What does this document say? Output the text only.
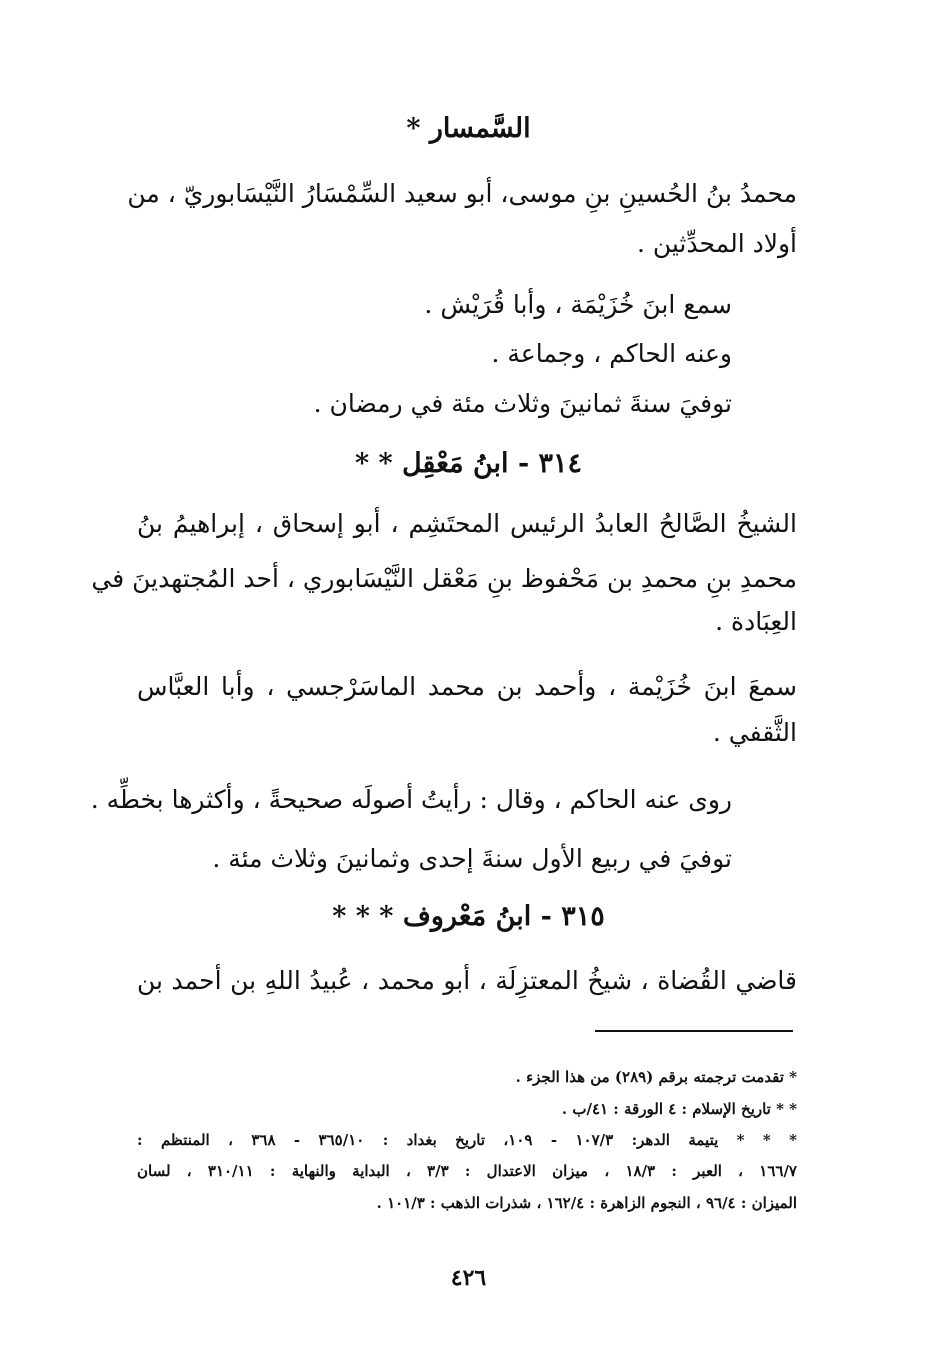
السَّمسار *
محمدُ بنُ الحُسينِ بنِ موسى، أبو سعيد السِّمْسَارُ النَّيْسَابوريّ ، من
أولاد المحدِّثين .
سمع ابنَ خُزَيْمَة ، وأبا قُرَيْش .
وعنه الحاكم ، وجماعة .
توفيَ سنةَ ثمانينَ وثلاث مئة في رمضان .
٣١٤ - ابنُ مَعْقِل * *
الشيخُ الصَّالحُ العابدُ الرئيس المحتَشِم ، أبو إسحاق ، إبراهيمُ بنُ
محمدِ بنِ محمدِ بن مَحْفوظ بنِ مَعْقل النَّيْسَابوري ، أحد المُجتهدينَ في
العِبَادة .
سمعَ ابنَ خُزَيْمة ، وأحمد بن محمد الماسَرْجسي ، وأبا العبَّاس
الثَّقفي .
روى عنه الحاكم ، وقال : رأيتُ أصولَه صحيحةً ، وأكثرها بخطِّه .
توفيَ في ربيع الأول سنةَ إحدى وثمانينَ وثلاث مئة .
٣١٥ - ابنُ مَعْروف * * *
قاضي القُضاة ، شيخُ المعتزِلَة ، أبو محمد ، عُبيدُ اللهِ بن أحمد بن
* تقدمت ترجمته برقم (٢٨٩) من هذا الجزء .
* * تاريخ الإسلام : ٤ الورقة : ٤١/ب .
* * * يتيمة الدهر: ١٠٧/٣ - ١٠٩، تاريخ بغداد : ٣٦٥/١٠ - ٣٦٨ ، المنتظم :
١٦٦/٧ ، العبر : ١٨/٣ ، ميزان الاعتدال : ٣/٣ ، البداية والنهاية : ٣١٠/١١ ، لسان
الميزان : ٩٦/٤ ، النجوم الزاهرة : ١٦٢/٤ ، شذرات الذهب : ١٠١/٣ .
٤٢٦
